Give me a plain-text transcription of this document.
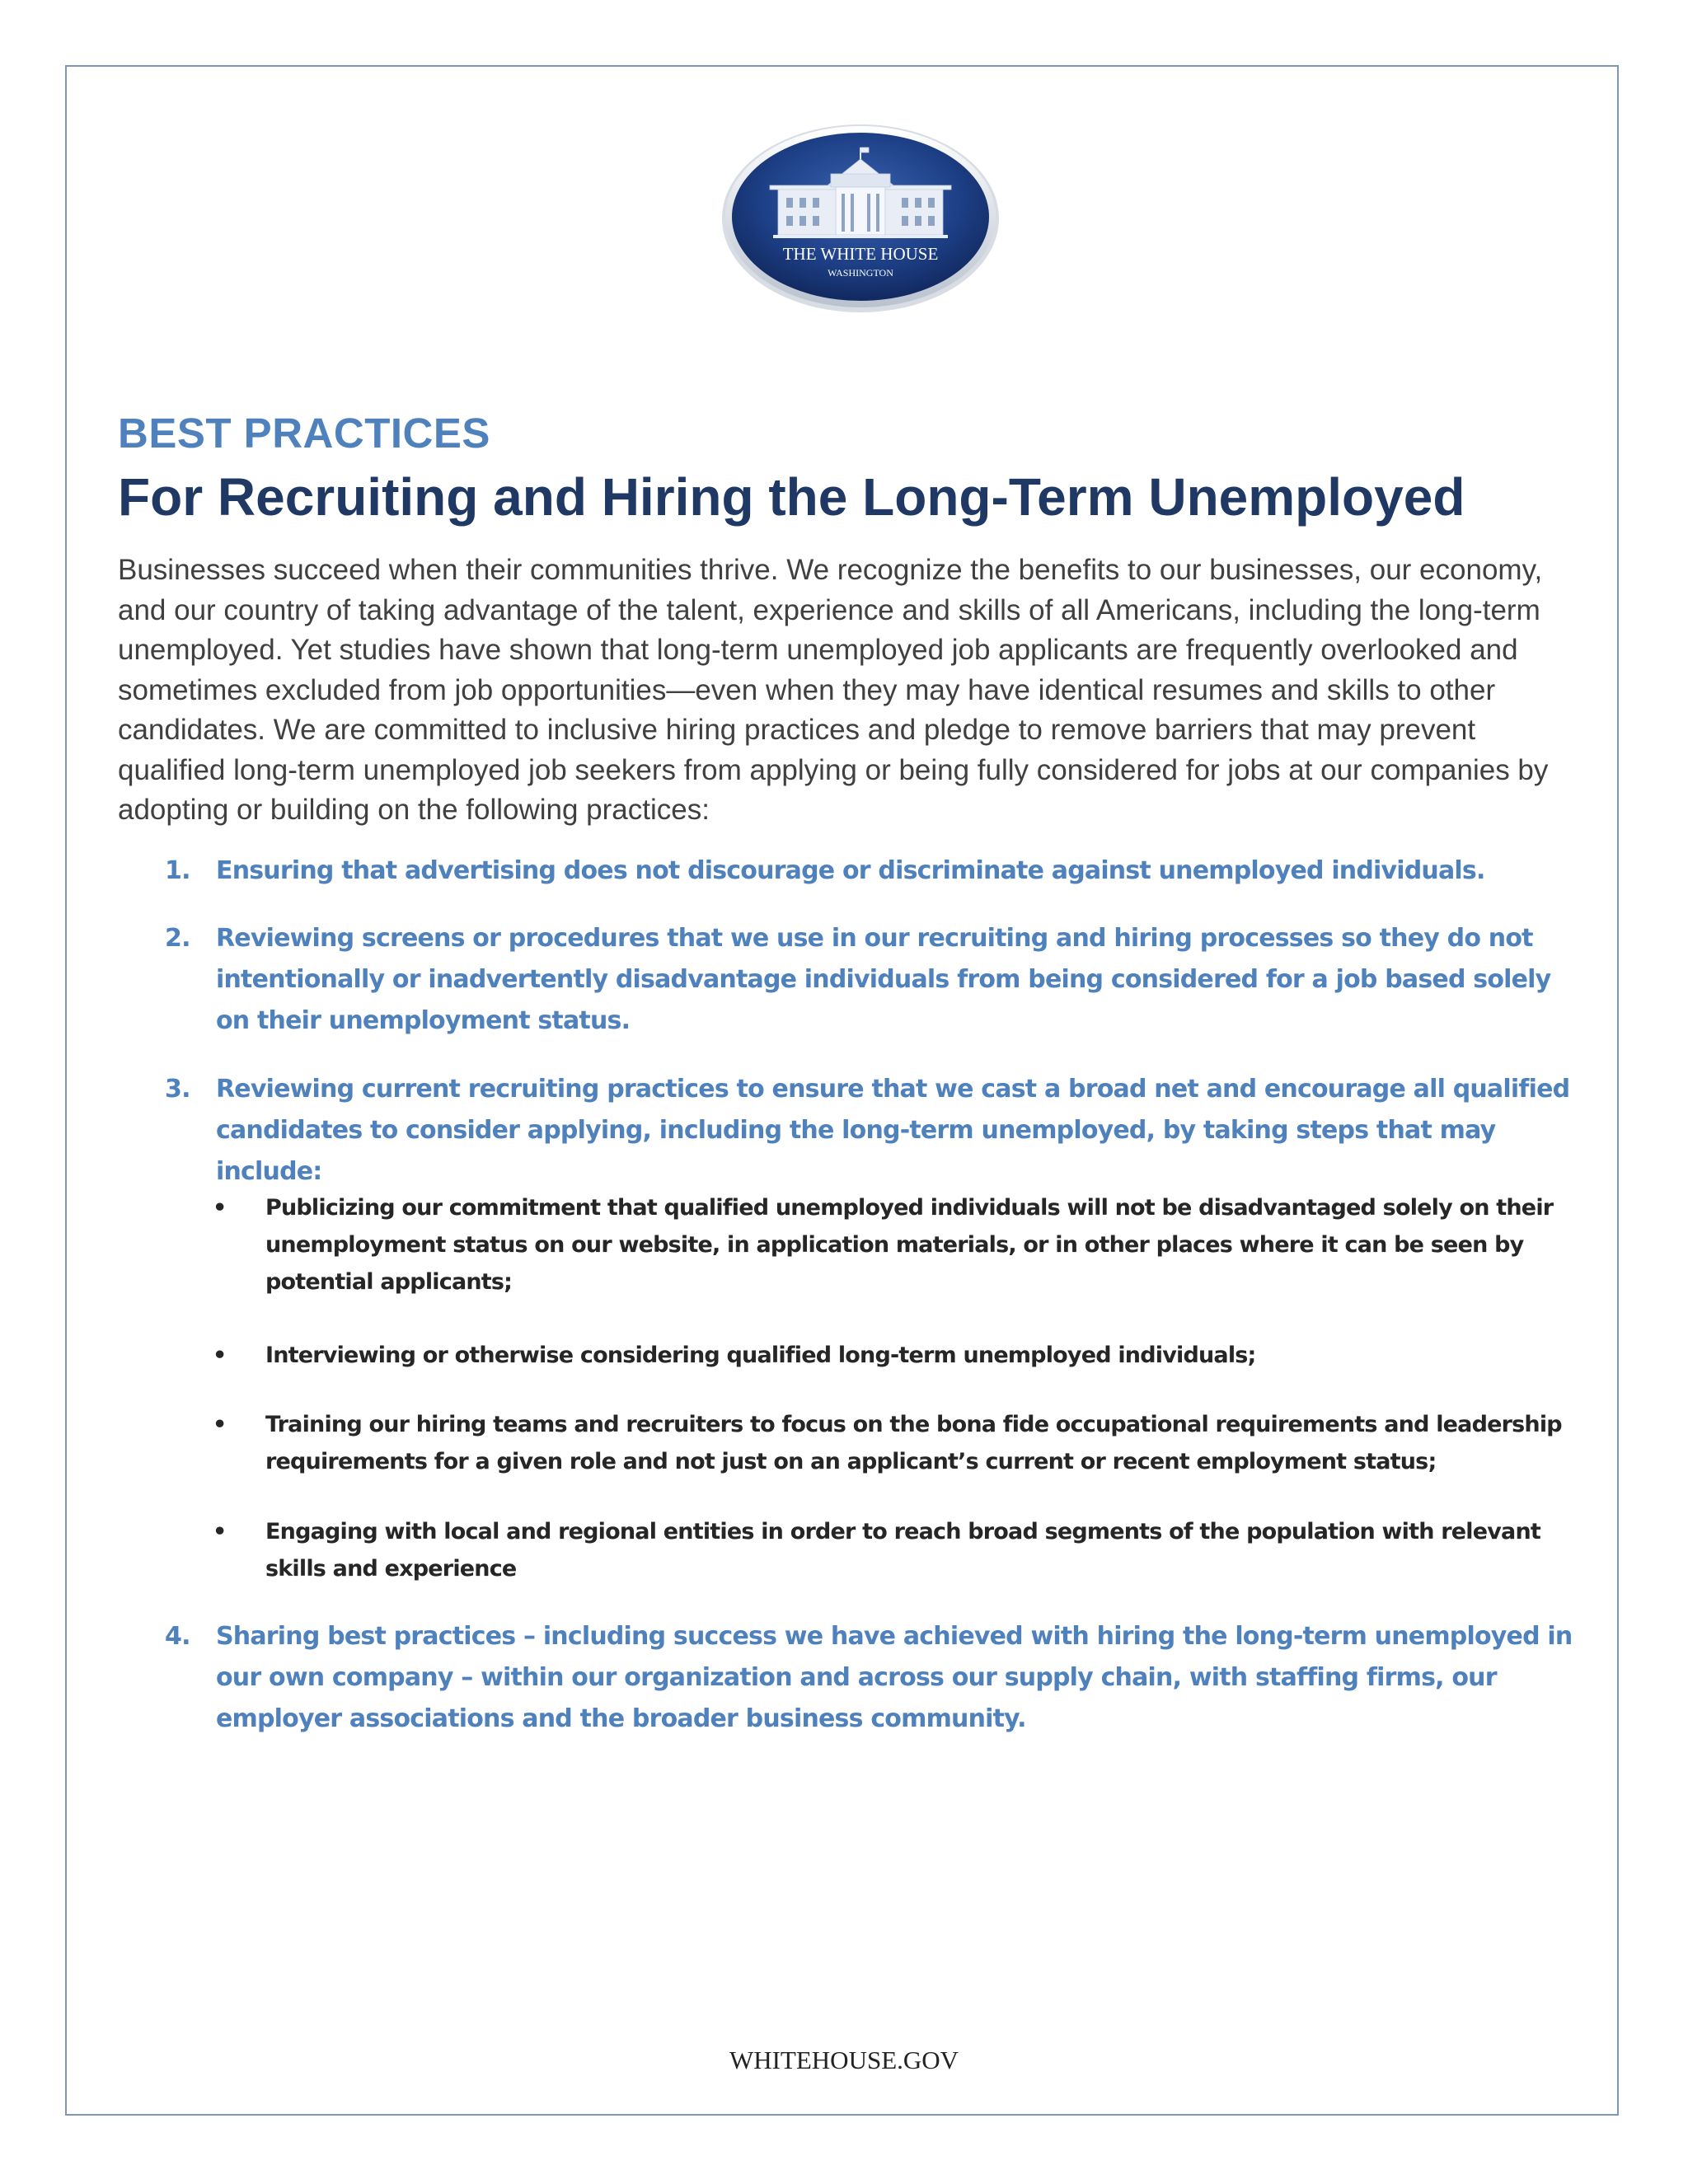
THE WHITE HOUSE
WASHINGTON
BEST PRACTICES
For Recruiting and Hiring the Long-Term Unemployed

Businesses succeed when their communities thrive. We recognize the benefits to our businesses, our economy, and our country of taking advantage of the talent, experience and skills of all Americans, including the long-term unemployed. Yet studies have shown that long-term unemployed job applicants are frequently overlooked and sometimes excluded from job opportunities—even when they may have identical resumes and skills to other candidates. We are committed to inclusive hiring practices and pledge to remove barriers that may prevent qualified long-term unemployed job seekers from applying or being fully considered for jobs at our companies by adopting or building on the following practices:

1. Ensuring that advertising does not discourage or discriminate against unemployed individuals.
2. Reviewing screens or procedures that we use in our recruiting and hiring processes so they do not intentionally or inadvertently disadvantage individuals from being considered for a job based solely on their unemployment status.
3. Reviewing current recruiting practices to ensure that we cast a broad net and encourage all qualified candidates to consider applying, including the long-term unemployed, by taking steps that may include:
• Publicizing our commitment that qualified unemployed individuals will not be disadvantaged solely on their unemployment status on our website, in application materials, or in other places where it can be seen by potential applicants;
• Interviewing or otherwise considering qualified long-term unemployed individuals;
• Training our hiring teams and recruiters to focus on the bona fide occupational requirements and leadership requirements for a given role and not just on an applicant’s current or recent employment status;
• Engaging with local and regional entities in order to reach broad segments of the population with relevant skills and experience
4. Sharing best practices – including success we have achieved with hiring the long-term unemployed in our own company – within our organization and across our supply chain, with staffing firms, our employer associations and the broader business community.
WHITEHOUSE.GOV
